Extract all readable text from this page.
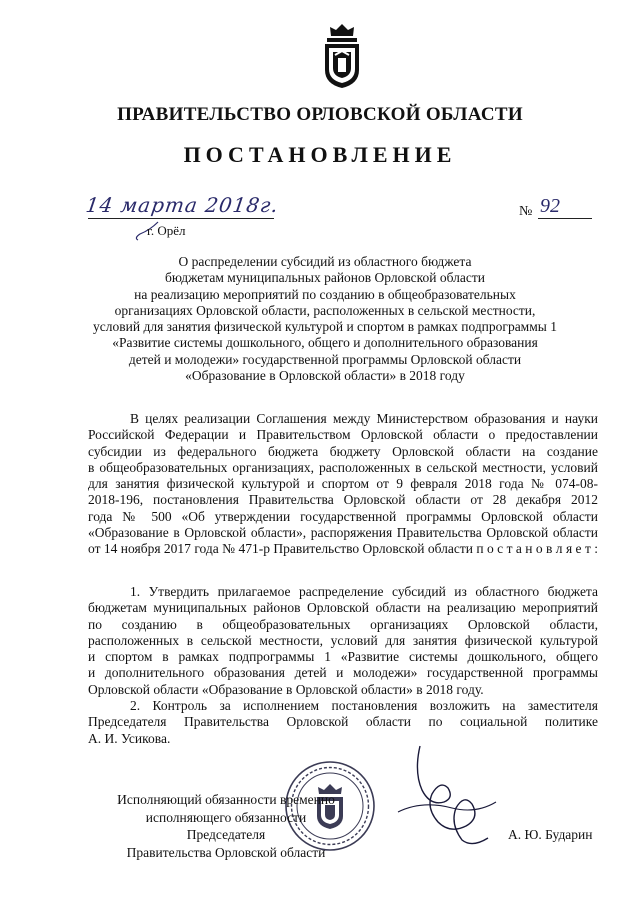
ПРАВИТЕЛЬСТВО ОРЛОВСКОЙ ОБЛАСТИ
ПОСТАНОВЛЕНИЕ
14 марта 2018г.	№ 92
г. Орёл
О распределении субсидий из областного бюджета
бюджетам муниципальных районов Орловской области
на реализацию мероприятий по созданию в общеобразовательных
организациях Орловской области, расположенных в сельской местности,
условий для занятия физической культурой и спортом в рамках подпрограммы 1
«Развитие системы дошкольного, общего и дополнительного образования
детей и молодежи» государственной программы Орловской области
«Образование в Орловской области» в 2018 году
В целях реализации Соглашения между Министерством образования и науки
Российской Федерации и Правительством Орловской области о предоставлении
субсидии из федерального бюджета бюджету Орловской области на создание
в общеобразовательных организациях, расположенных в сельской местности, условий
для занятия физической культурой и спортом от 9 февраля 2018 года № 074-08-
2018-196, постановления Правительства Орловской области от 28 декабря 2012
года № 500 «Об утверждении государственной программы Орловской области
«Образование в Орловской области», распоряжения Правительства Орловской области
от 14 ноября 2017 года № 471-р Правительство Орловской области п о с т а н о в л я е т :
1. Утвердить прилагаемое распределение субсидий из областного бюджета
бюджетам муниципальных районов Орловской области на реализацию мероприятий
по созданию в общеобразовательных организациях Орловской области,
расположенных в сельской местности, условий для занятия физической культурой
и спортом в рамках подпрограммы 1 «Развитие системы дошкольного, общего
и дополнительного образования детей и молодежи» государственной программы
Орловской области «Образование в Орловской области» в 2018 году.
2. Контроль за исполнением постановления возложить на заместителя
Председателя Правительства Орловской области по социальной политике
А. И. Усикова.
Исполняющий обязанности временно
исполняющего обязанности Председателя
Правительства Орловской области
А. Ю. Бударин
